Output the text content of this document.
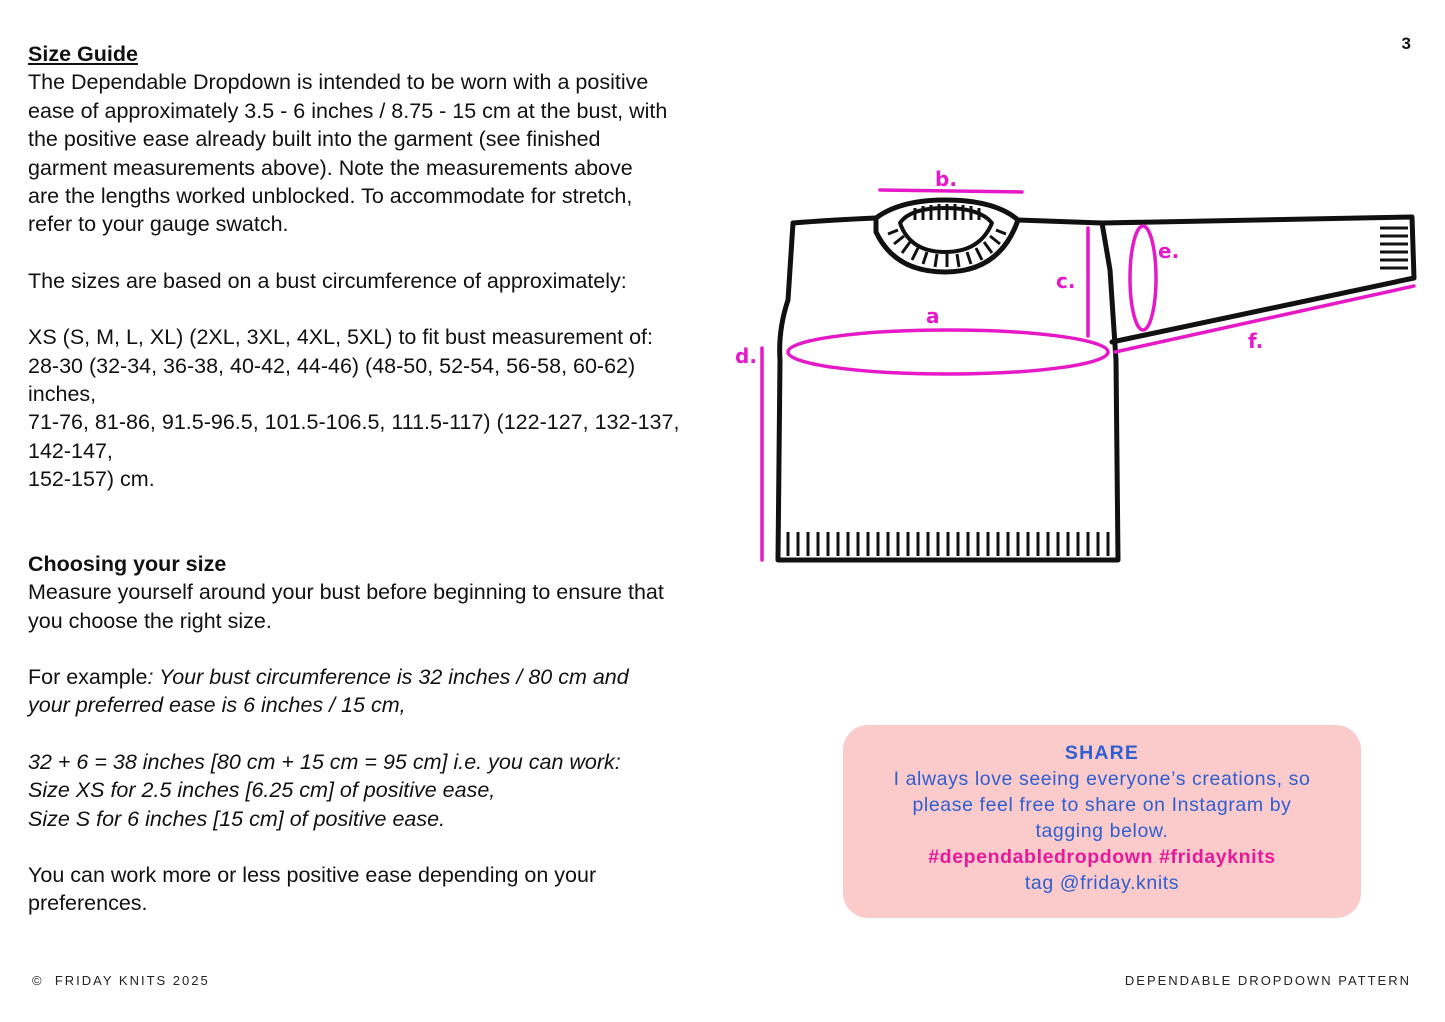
3

Size Guide

The Dependable Dropdown is intended to be worn with a positive

ease of approximately 3.5 - 6 inches / 8.75 - 15 cm at the bust, with

the positive ease already built into the garment (see finished

garment measurements above). Note the measurements above

are the lengths worked unblocked. To accommodate for stretch,

refer to your gauge swatch.

The sizes are based on a bust circumference of approximately:

XS (S, M, L, XL) (2XL, 3XL, 4XL, 5XL) to fit bust measurement of:

28-30 (32-34, 36-38, 40-42, 44-46) (48-50, 52-54, 56-58, 60-62)

inches,

71-76, 81-86, 91.5-96.5, 101.5-106.5, 111.5-117) (122-127, 132-137, 142-147,

152-157) cm.

Choosing your size

Measure yourself around your bust before beginning to ensure that

you choose the right size.

For example: Your bust circumference is 32 inches / 80 cm and

your preferred ease is 6 inches / 15 cm,

32 + 6 = 38 inches [80 cm + 15 cm = 95 cm] i.e. you can work:

Size XS for 2.5 inches [6.25 cm] of positive ease,

Size S for 6 inches [15 cm] of positive ease.

You can work more or less positive ease depending on your

preferences.

b.
e.
c.
a
d.
f.
SHARE
I always love seeing everyone’s creations, so
please feel free to share on Instagram by
tagging below.
#dependabledropdown #fridayknits
tag @friday.knits
© FRIDAY KNITS 2025	DEPENDABLE DROPDOWN PATTERN
